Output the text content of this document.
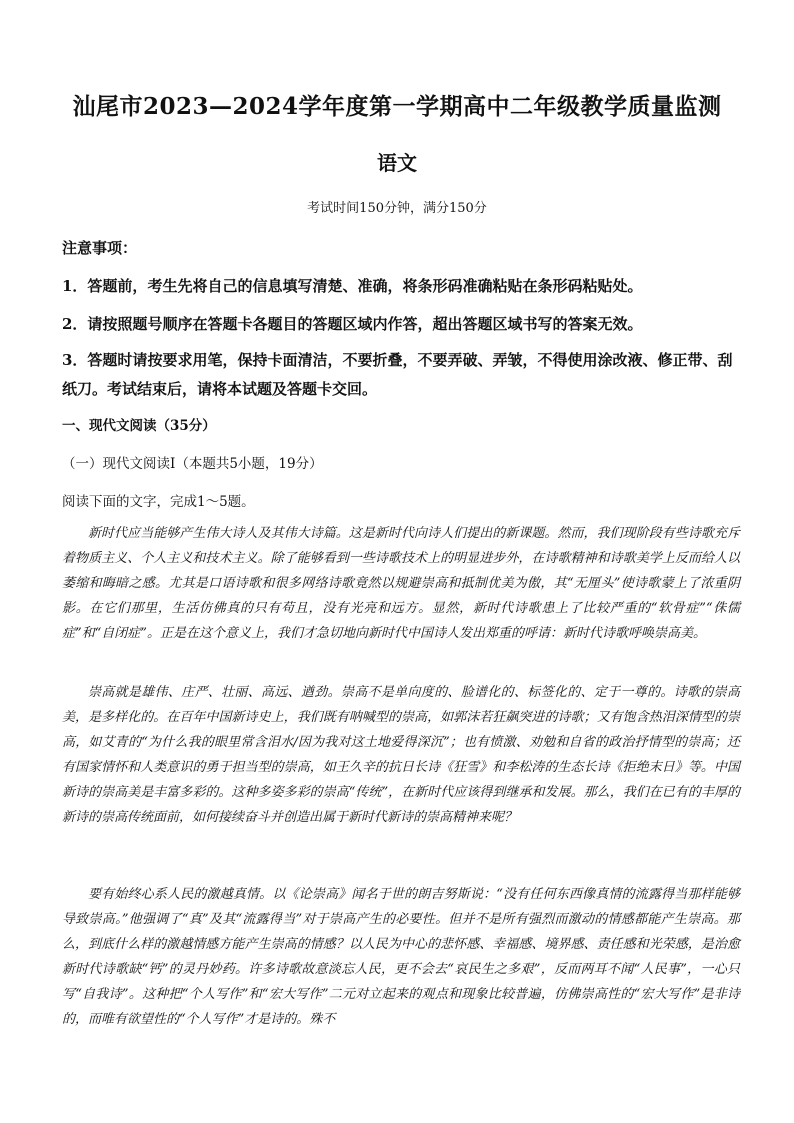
汕尾市2023—2024学年度第一学期高中二年级教学质量监测
语文
考试时间150分钟，满分150分
注意事项：
1．答题前，考生先将自己的信息填写清楚、准确，将条形码准确粘贴在条形码粘贴处。
2．请按照题号顺序在答题卡各题目的答题区域内作答，超出答题区域书写的答案无效。
3．答题时请按要求用笔，保持卡面清洁，不要折叠，不要弄破、弄皱，不得使用涂改液、修正带、刮纸刀。考试结束后，请将本试题及答题卡交回。
一、现代文阅读（35分）
（一）现代文阅读Ⅰ（本题共5小题，19分）
阅读下面的文字，完成1～5题。
新时代应当能够产生伟大诗人及其伟大诗篇。这是新时代向诗人们提出的新课题。然而，我们现阶段有些诗歌充斥着物质主义、个人主义和技术主义。除了能够看到一些诗歌技术上的明显进步外，在诗歌精神和诗歌美学上反而给人以萎缩和晦暗之感。尤其是口语诗歌和很多网络诗歌竟然以规避崇高和抵制优美为傲，其“无厘头”使诗歌蒙上了浓重阴影。在它们那里，生活仿佛真的只有苟且，没有光亮和远方。显然，新时代诗歌患上了比较严重的“软骨症”“侏儒症”和“自闭症”。正是在这个意义上，我们才急切地向新时代中国诗人发出郑重的呼请：新时代诗歌呼唤崇高美。
崇高就是雄伟、庄严、壮丽、高远、遒劲。崇高不是单向度的、脸谱化的、标签化的、定于一尊的。诗歌的崇高美，是多样化的。在百年中国新诗史上，我们既有呐喊型的崇高，如郭沫若狂飙突进的诗歌；又有饱含热泪深情型的崇高，如艾青的“为什么我的眼里常含泪水/因为我对这土地爱得深沉”；也有愤激、劝勉和自省的政治抒情型的崇高；还有国家情怀和人类意识的勇于担当型的崇高，如王久辛的抗日长诗《狂雪》和李松涛的生态长诗《拒绝末日》等。中国新诗的崇高美是丰富多彩的。这种多姿多彩的崇高“传统”，在新时代应该得到继承和发展。那么，我们在已有的丰厚的新诗的崇高传统面前，如何接续奋斗并创造出属于新时代新诗的崇高精神来呢？
要有始终心系人民的激越真情。以《论崇高》闻名于世的朗吉努斯说：“没有任何东西像真情的流露得当那样能够导致崇高。”他强调了“真”及其“流露得当”对于崇高产生的必要性。但并不是所有强烈而激动的情感都能产生崇高。那么，到底什么样的激越情感方能产生崇高的情感？以人民为中心的悲怀感、幸福感、境界感、责任感和光荣感，是治愈新时代诗歌缺“钙”的灵丹妙药。许多诗歌故意淡忘人民，更不会去“哀民生之多艰”，反而两耳不闻“人民事”，一心只写“自我诗”。这种把“个人写作”和“宏大写作”二元对立起来的观点和现象比较普遍，仿佛崇高性的“宏大写作”是非诗的，而唯有欲望性的“个人写作”才是诗的。殊不
